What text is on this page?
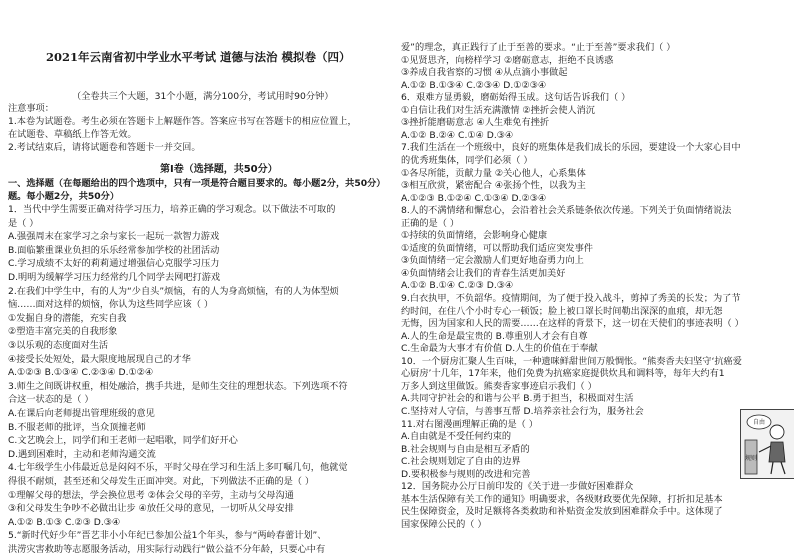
2021年云南省初中学业水平考试 道德与法治 模拟卷（四）
（全卷共三个大题，31个小题，满分100分，考试用时90分钟）
注意事项：
1.本卷为试题卷。考生必须在答题卡上解题作答。答案应书写在答题卡的相应位置上，
在试题卷、草稿纸上作答无效。
2.考试结束后，请将试题卷和答题卡一并交回。
第Ⅰ卷（选择题，共50分）
一、选择题（在每题给出的四个选项中，只有一项是符合题目要求的。每小题2分，共50分）
题。每小题2分，共50分）
1．当代中学生需要正确对待学习压力，培养正确的学习观念。以下做法不可取的
是（ ）
A.强强周末在家学习之余与家长一起玩一款智力游戏
B.面临繁重课业负担的乐乐经常参加学校的社团活动
C.学习成绩不太好的莉莉通过增强信心克服学习压力
D.明明为缓解学习压力经常约几个同学去网吧打游戏
2.在我们中学生中，有的人为“少自头”烦恼，有的人为身高烦恼，有的人为体型烦
恼……面对这样的烦恼，你认为这些同学应该（ ）
①发掘自身的潜能，充实自我
②塑造丰富完美的自我形象
③以乐观的态度面对生活
④接受长处短处，最大限度地展现自己的才华
A.①②③ B.①③④ C.②③④ D.①②④
3.师生之间既讲权重，相处融洽，携手共进，是师生交往的理想状态。下列选项不符
合这一状态的是（ ）
A.在课后向老师提出管理班级的意见
B.不服老师的批评，当众顶撞老师
C.文艺晚会上，同学们和王老师一起唱歌，同学们好开心
D.遇到困难时，主动和老师沟通交流
4.七年级学生小伟最近总是闷闷不乐，平时父母在学习和生活上多叮嘱几句，他就觉
得很不耐烦，甚至还和父母发生正面冲突。对此，下列做法不正确的是（ ）
①理解父母的想法，学会换位思考 ②体会父母的辛劳，主动与父母沟通
③和父母发生争吵不必做出让步 ④放任父母的意见，一切听从父母安排
A.①② B.①③ C.②③ D.③④
5.“新时代好少年”晋艺非小小年纪已参加公益1个年头，参与“两岭春蕾计划”、
洪涝灾害救助等志愿服务活动，用实际行动践行“做公益不分年龄，只要心中有
爱”的理念，真正践行了止于至善的要求。“止于至善”要求我们（ ）
①见贤思齐，向榜样学习 ②磨砺意志，拒绝不良诱惑
③养成自我省察的习惯 ④从点滴小事做起
A.①② B.①③④ C.②③④ D.①②③④
6．艰难方显勇毅，磨砺始得玉成。这句话告诉我们（ ）
①自信让我们对生活充满激情 ②挫折会使人消沉
③挫折能磨砺意志 ④人生难免有挫折
A.①② B.②④ C.①④ D.③④
7.我们生活在一个班级中，良好的班集体是我们成长的乐园，要建设一个大家心目中
的优秀班集体，同学们必须（ ）
①各尽所能，贡献力量 ②关心他人，心系集体
③相互欣赏，紧密配合 ④张扬个性，以我为主
A.①②③ B.①②④ C.①③④ D.②③④
8.人的不满情绪和懈怠心，会沿着社会关系链条依次传递。下列关于负面情绪说法
正确的是（ ）
①持续的负面情绪，会影响身心健康
①适度的负面情绪，可以帮助我们适应突发事件
③负面情绪一定会激励人们更好地奋勇力向上
④负面情绪会让我们的青春生活更加美好
A.①② B.①④ C.②③ D.③④
9.白衣执甲，不负韶华。疫情期间，为了便于投入战斗，剪掉了秀美的长发；为了节
约时间，在住八个小时专心一顿饭；脸上被口罩长时间勒出深深的血痕，却无怨
无悔，因为国家和人民的需要……在这样的背景下，这一切在天使们的事迹表明（ ）
A.人的生命是最宝贵的 B.尊重别人才会有自尊
C.生命最为大事才有价值 D.人生的价值在于奉献
10．一个厨房汇聚人生百味，一种遗咪鲜甜世间万般惆怅。“熊奏香夫妇坚守‘抗癌爱
心厨房’十几年，17年来，他们免费为抗癌家庭提供炊具和调料等，每年大约有1
万多人到这里做饭。熊奏香家事迹启示我们（ ）
A.共同守护社会的和谐与公平 B.勇于担当，积极面对生活
C.坚持对人守信，与善事互帮 D.培养亲社会行为，服务社会
11.对右图漫画理解正确的是（ ）
A.自由就是不受任何约束的
B.社会规则与自由是相互矛盾的
C.社会规则划定了自由的边界
D.要积极参与规则的改进和完善
12．国务院办公厅日前印发的《关于进一步做好困难群众
基本生活保障有关工作的通知》明确要求，各级财政要优先保障，打折扣足基本
民生保障资金，及时足额将各类救助和补贴资金发放到困难群众手中。这体现了
国家保障公民的（ ）
规则
自由
